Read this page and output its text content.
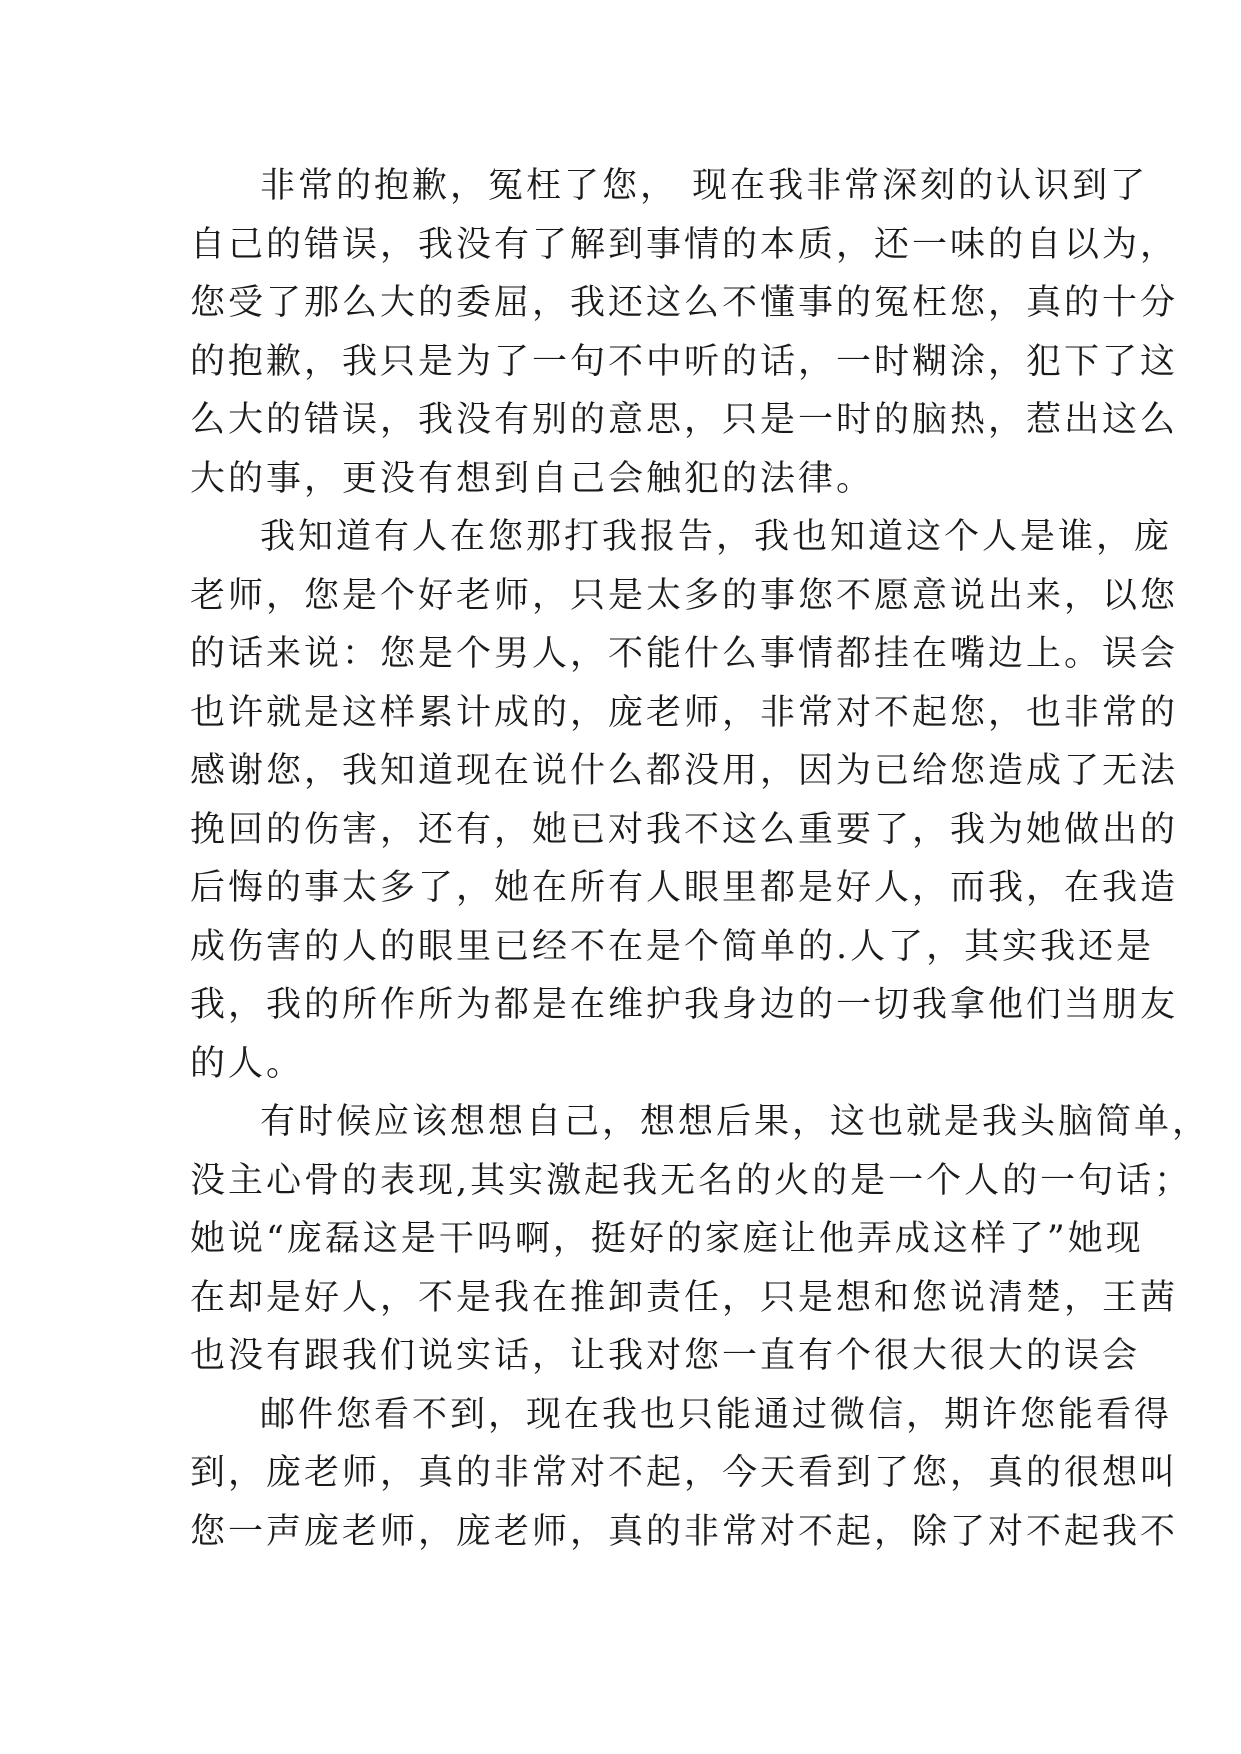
非常的抱歉，冤枉了您， 现在我非常深刻的认识到了
自己的错误，我没有了解到事情的本质，还一味的自以为，
您受了那么大的委屈，我还这么不懂事的冤枉您，真的十分
的抱歉，我只是为了一句不中听的话，一时糊涂，犯下了这
么大的错误，我没有别的意思，只是一时的脑热，惹出这么
大的事，更没有想到自己会触犯的法律。
我知道有人在您那打我报告，我也知道这个人是谁，庞
老师，您是个好老师，只是太多的事您不愿意说出来，以您
的话来说：您是个男人，不能什么事情都挂在嘴边上。误会
也许就是这样累计成的，庞老师，非常对不起您，也非常的
感谢您，我知道现在说什么都没用，因为已给您造成了无法
挽回的伤害，还有，她已对我不这么重要了，我为她做出的
后悔的事太多了，她在所有人眼里都是好人，而我，在我造
成伤害的人的眼里已经不在是个简单的.人了，其实我还是
我，我的所作所为都是在维护我身边的一切我拿他们当朋友
的人。
有时候应该想想自己，想想后果，这也就是我头脑简单，
没主心骨的表现,其实激起我无名的火的是一个人的一句话；
她说“庞磊这是干吗啊，挺好的家庭让他弄成这样了”她现
在却是好人，不是我在推卸责任，只是想和您说清楚，王茜
也没有跟我们说实话，让我对您一直有个很大很大的误会
邮件您看不到，现在我也只能通过微信，期许您能看得
到，庞老师，真的非常对不起，今天看到了您，真的很想叫
您一声庞老师，庞老师，真的非常对不起，除了对不起我不
